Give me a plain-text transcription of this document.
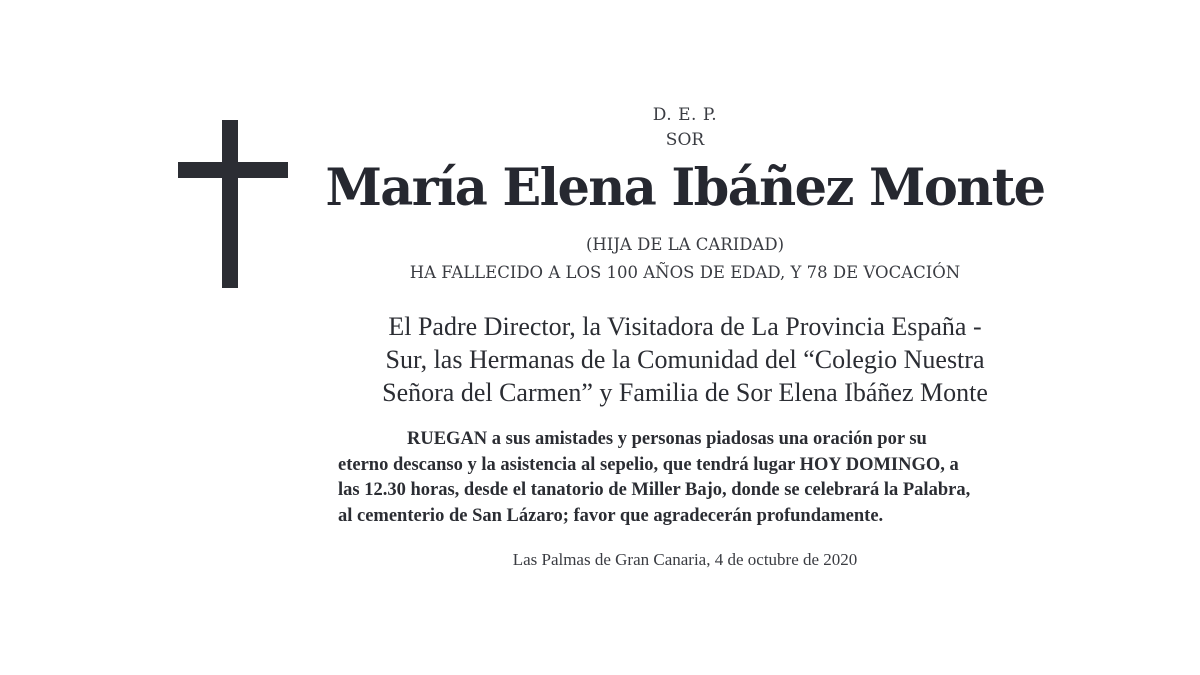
D. E. P.
SOR
María Elena Ibáñez Monte
(HIJA DE LA CARIDAD)
HA FALLECIDO A LOS 100 AÑOS DE EDAD, Y 78 DE VOCACIÓN
El Padre Director, la Visitadora de La Provincia España -
Sur, las Hermanas de la Comunidad del “Colegio Nuestra
Señora del Carmen” y Familia de Sor Elena Ibáñez Monte
RUEGAN a sus amistades y personas piadosas una oración por su
eterno descanso y la asistencia al sepelio, que tendrá lugar HOY DOMINGO, a
las 12.30 horas, desde el tanatorio de Miller Bajo, donde se celebrará la Palabra,
al cementerio de San Lázaro; favor que agradecerán profundamente.
Las Palmas de Gran Canaria, 4 de octubre de 2020
